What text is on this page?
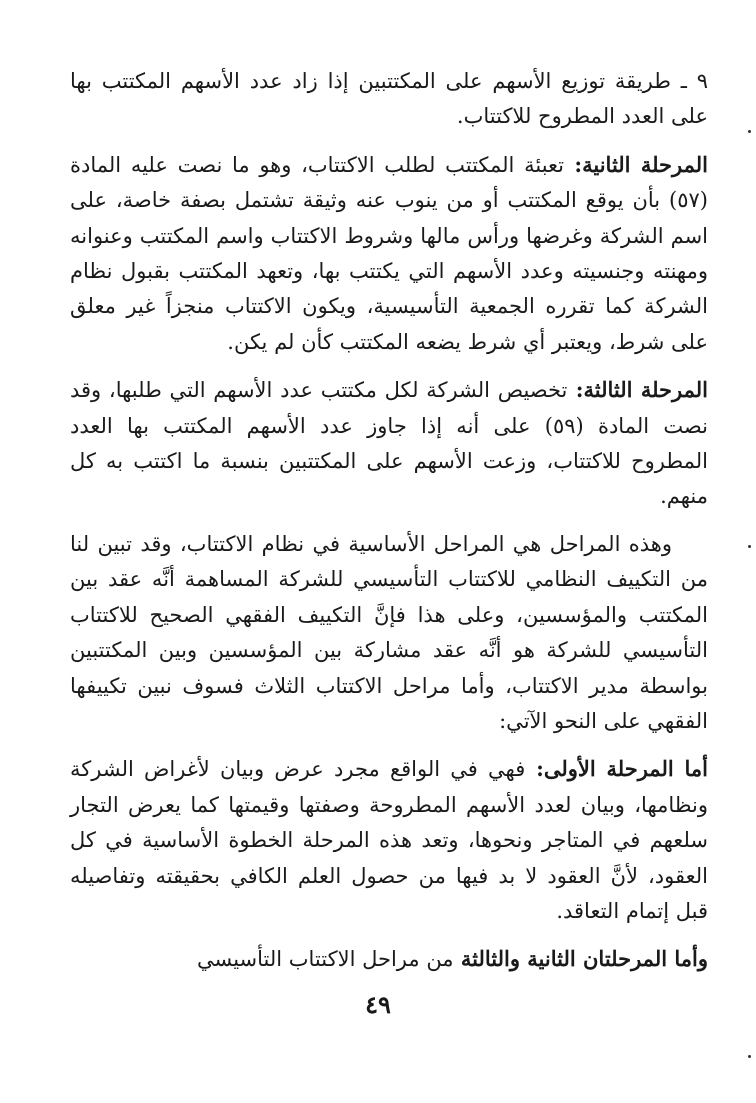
٩ ـ طريقة توزيع الأسهم على المكتتبين إذا زاد عدد الأسهم المكتتب بها على العدد المطروح للاكتتاب.

المرحلة الثانية: تعبئة المكتتب لطلب الاكتتاب، وهو ما نصت عليه المادة (٥٧) بأن يوقع المكتتب أو من ينوب عنه وثيقة تشتمل بصفة خاصة، على اسم الشركة وغرضها ورأس مالها وشروط الاكتتاب واسم المكتتب وعنوانه ومهنته وجنسيته وعدد الأسهم التي يكتتب بها، وتعهد المكتتب بقبول نظام الشركة كما تقرره الجمعية التأسيسية، ويكون الاكتتاب منجزاً غير معلق على شرط، ويعتبر أي شرط يضعه المكتتب كأن لم يكن.

المرحلة الثالثة: تخصيص الشركة لكل مكتتب عدد الأسهم التي طلبها، وقد نصت المادة (٥٩) على أنه إذا جاوز عدد الأسهم المكتتب بها العدد المطروح للاكتتاب، وزعت الأسهم على المكتتبين بنسبة ما اكتتب به كل منهم.

وهذه المراحل هي المراحل الأساسية في نظام الاكتتاب، وقد تبين لنا من التكييف النظامي للاكتتاب التأسيسي للشركة المساهمة أنَّه عقد بين المكتتب والمؤسسين، وعلى هذا فإنَّ التكييف الفقهي الصحيح للاكتتاب التأسيسي للشركة هو أنَّه عقد مشاركة بين المؤسسين وبين المكتتبين بواسطة مدير الاكتتاب، وأما مراحل الاكتتاب الثلاث فسوف نبين تكييفها الفقهي على النحو الآتي:

أما المرحلة الأولى: فهي في الواقع مجرد عرض وبيان لأغراض الشركة ونظامها، وبيان لعدد الأسهم المطروحة وصفتها وقيمتها كما يعرض التجار سلعهم في المتاجر ونحوها، وتعد هذه المرحلة الخطوة الأساسية في كل العقود، لأنَّ العقود لا بد فيها من حصول العلم الكافي بحقيقته وتفاصيله قبل إتمام التعاقد.

وأما المرحلتان الثانية والثالثة من مراحل الاكتتاب التأسيسي

٤٩
